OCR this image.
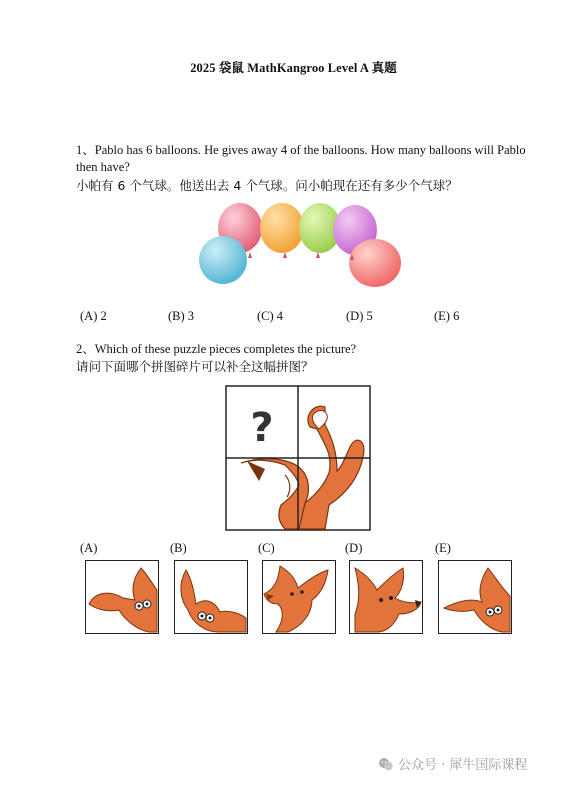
2025 袋鼠 MathKangroo Level A 真题
1、Pablo has 6 balloons. He gives away 4 of the balloons. How many balloons will Pablo then have?
小帕有 6 个气球。他送出去 4 个气球。问小帕现在还有多少个气球？
(A) 2	(B) 3	(C) 4	(D) 5	(E) 6
2、Which of these puzzle pieces completes the picture?
请问下面哪个拼图碎片可以补全这幅拼图？
?
(A)	(B)	(C)	(D)	(E)
公众号 · 犀牛国际课程
